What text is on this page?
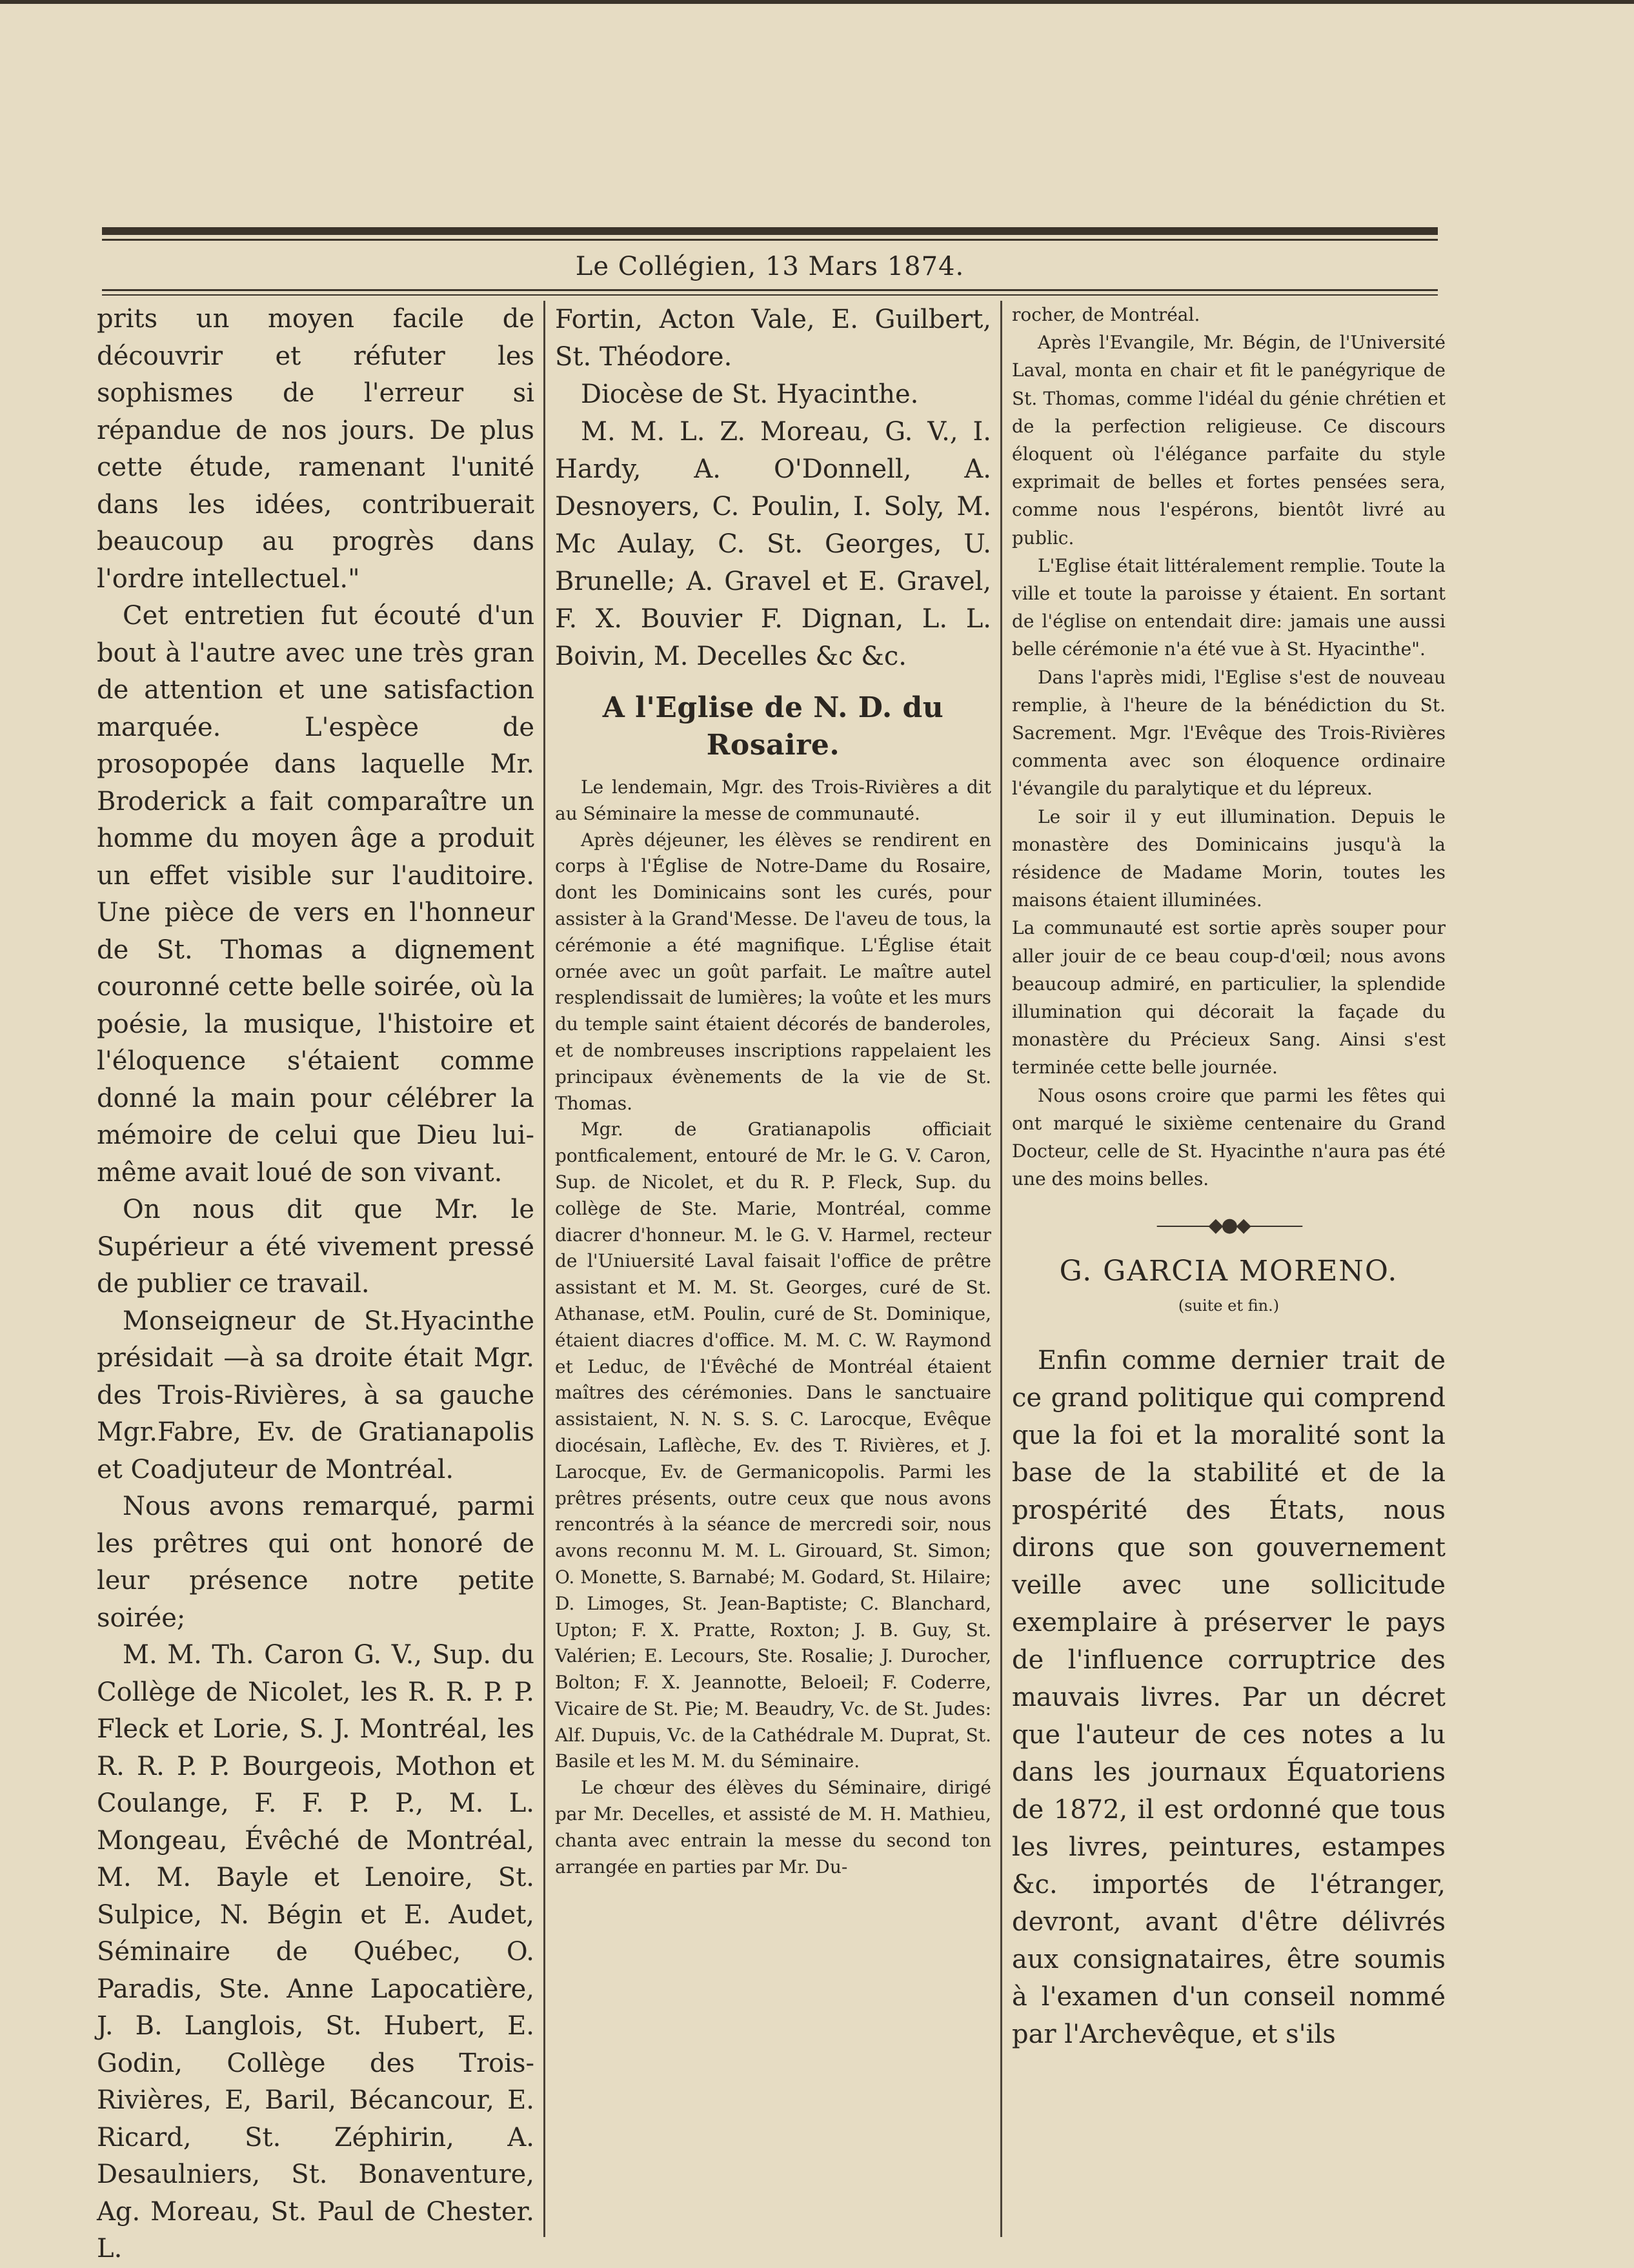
Le Collégien, 13 Mars 1874.

prits un moyen facile de découvrir et réfuter les sophismes de l'erreur si répandue de nos jours. De plus cette étude, ramenant l'unité dans les idées, contribuerait beaucoup au progrès dans l'ordre intellectuel."

Cet entretien fut écouté d'un bout à l'autre avec une très gran de attention et une satisfaction marquée. L'espèce de prosopopée dans laquelle Mr. Broderick a fait comparaître un homme du moyen âge a produit un effet visible sur l'auditoire. Une pièce de vers en l'honneur de St. Thomas a dignement couronné cette belle soirée, où la poésie, la musique, l'histoire et l'éloquence s'étaient comme donné la main pour célébrer la mémoire de celui que Dieu lui-même avait loué de son vivant.

On nous dit que Mr. le Supérieur a été vivement pressé de publier ce travail.

Monseigneur de St.Hyacinthe présidait —à sa droite était Mgr. des Trois-Rivières, à sa gauche Mgr.Fabre, Ev. de Gratianapolis et Coadjuteur de Montréal.

Nous avons remarqué, parmi les prêtres qui ont honoré de leur présence notre petite soirée;

M. M. Th. Caron G. V., Sup. du Collège de Nicolet, les R. R. P. P. Fleck et Lorie, S. J. Montréal, les R. R. P. P. Bourgeois, Mothon et Coulange, F. F. P. P., M. L. Mongeau, Évêché de Montréal, M. M. Bayle et Lenoire, St. Sulpice, N. Bégin et E. Audet, Séminaire de Québec, O. Paradis, Ste. Anne Lapocatière, J. B. Langlois, St. Hubert, E. Godin, Collège des Trois-Rivières, E, Baril, Bécancour, E. Ricard, St. Zéphirin, A. Desaulniers, St. Bonaventure, Ag. Moreau, St. Paul de Chester. L.

Fortin, Acton Vale, E. Guilbert, St. Théodore.

Diocèse de St. Hyacinthe.

M. M. L. Z. Moreau, G. V., I. Hardy, A. O'Donnell, A. Desnoyers, C. Poulin, I. Soly, M. Mc Aulay, C. St. Georges, U. Brunelle; A. Gravel et E. Gravel, F. X. Bouvier F. Dignan, L. L. Boivin, M. Decelles &c &c.

A l'Eglise de N. D. du Rosaire.

Le lendemain, Mgr. des Trois-Rivières a dit au Séminaire la messe de communauté.

Après déjeuner, les élèves se rendirent en corps à l'Église de Notre-Dame du Rosaire, dont les Dominicains sont les curés, pour assister à la Grand'Messe. De l'aveu de tous, la cérémonie a été magnifique. L'Église était ornée avec un goût parfait. Le maître autel resplendissait de lumières; la voûte et les murs du temple saint étaient décorés de banderoles, et de nombreuses inscriptions rappelaient les principaux évènements de la vie de St. Thomas.

Mgr. de Gratianapolis officiait pontficalement, entouré de Mr. le G. V. Caron, Sup. de Nicolet, et du R. P. Fleck, Sup. du collège de Ste. Marie, Montréal, comme diacrer d'honneur. M. le G. V. Harmel, recteur de l'Uniuersité Laval faisait l'office de prêtre assistant et M. M. St. Georges, curé de St. Athanase, etM. Poulin, curé de St. Dominique, étaient diacres d'office. M. M. C. W. Raymond et Leduc, de l'Évêché de Montréal étaient maîtres des cérémonies. Dans le sanctuaire assistaient, N. N. S. S. C. Larocque, Evêque diocésain, Laflèche, Ev. des T. Rivières, et J. Larocque, Ev. de Germanicopolis. Parmi les prêtres présents, outre ceux que nous avons rencontrés à la séance de mercredi soir, nous avons reconnu M. M. L. Girouard, St. Simon; O. Monette, S. Barnabé; M. Godard, St. Hilaire; D. Limoges, St. Jean-Baptiste; C. Blanchard, Upton; F. X. Pratte, Roxton; J. B. Guy, St. Valérien; E. Lecours, Ste. Rosalie; J. Durocher, Bolton; F. X. Jeannotte, Beloeil; F. Coderre, Vicaire de St. Pie; M. Beaudry, Vc. de St. Judes: Alf. Dupuis, Vc. de la Cathédrale M. Duprat, St. Basile et les M. M. du Séminaire.

Le chœur des élèves du Séminaire, dirigé par Mr. Decelles, et assisté de M. H. Mathieu, chanta avec entrain la messe du second ton arrangée en parties par Mr. Du-

rocher, de Montréal.

Après l'Evangile, Mr. Bégin, de l'Université Laval, monta en chair et fit le panégyrique de St. Thomas, comme l'idéal du génie chrétien et de la perfection religieuse. Ce discours éloquent où l'élégance parfaite du style exprimait de belles et fortes pensées sera, comme nous l'espérons, bientôt livré au public.

L'Eglise était littéralement remplie. Toute la ville et toute la paroisse y étaient. En sortant de l'église on entendait dire: jamais une aussi belle cérémonie n'a été vue à St. Hyacinthe".

Dans l'après midi, l'Eglise s'est de nouveau remplie, à l'heure de la bénédiction du St. Sacrement. Mgr. l'Evêque des Trois-Rivières commenta avec son éloquence ordinaire l'évangile du paralytique et du lépreux.

Le soir il y eut illumination. Depuis le monastère des Dominicains jusqu'à la résidence de Madame Morin, toutes les maisons étaient illuminées.

La communauté est sortie après souper pour aller jouir de ce beau coup-d'œil; nous avons beaucoup admiré, en particulier, la splendide illumination qui décorait la façade du monastère du Précieux Sang. Ainsi s'est terminée cette belle journée.

Nous osons croire que parmi les fêtes qui ont marqué le sixième centenaire du Grand Docteur, celle de St. Hyacinthe n'aura pas été une des moins belles.

———◆●◆———
G. GARCIA MORENO.
(suite et fin.)

Enfin comme dernier trait de ce grand politique qui comprend que la foi et la moralité sont la base de la stabilité et de la prospérité des États, nous dirons que son gouvernement veille avec une sollicitude exemplaire à préserver le pays de l'influence corruptrice des mauvais livres. Par un décret que l'auteur de ces notes a lu dans les journaux Équatoriens de 1872, il est ordonné que tous les livres, peintures, estampes &c. importés de l'étranger, devront, avant d'être délivrés aux consignataires, être soumis à l'examen d'un conseil nommé par l'Archevêque, et s'ils
